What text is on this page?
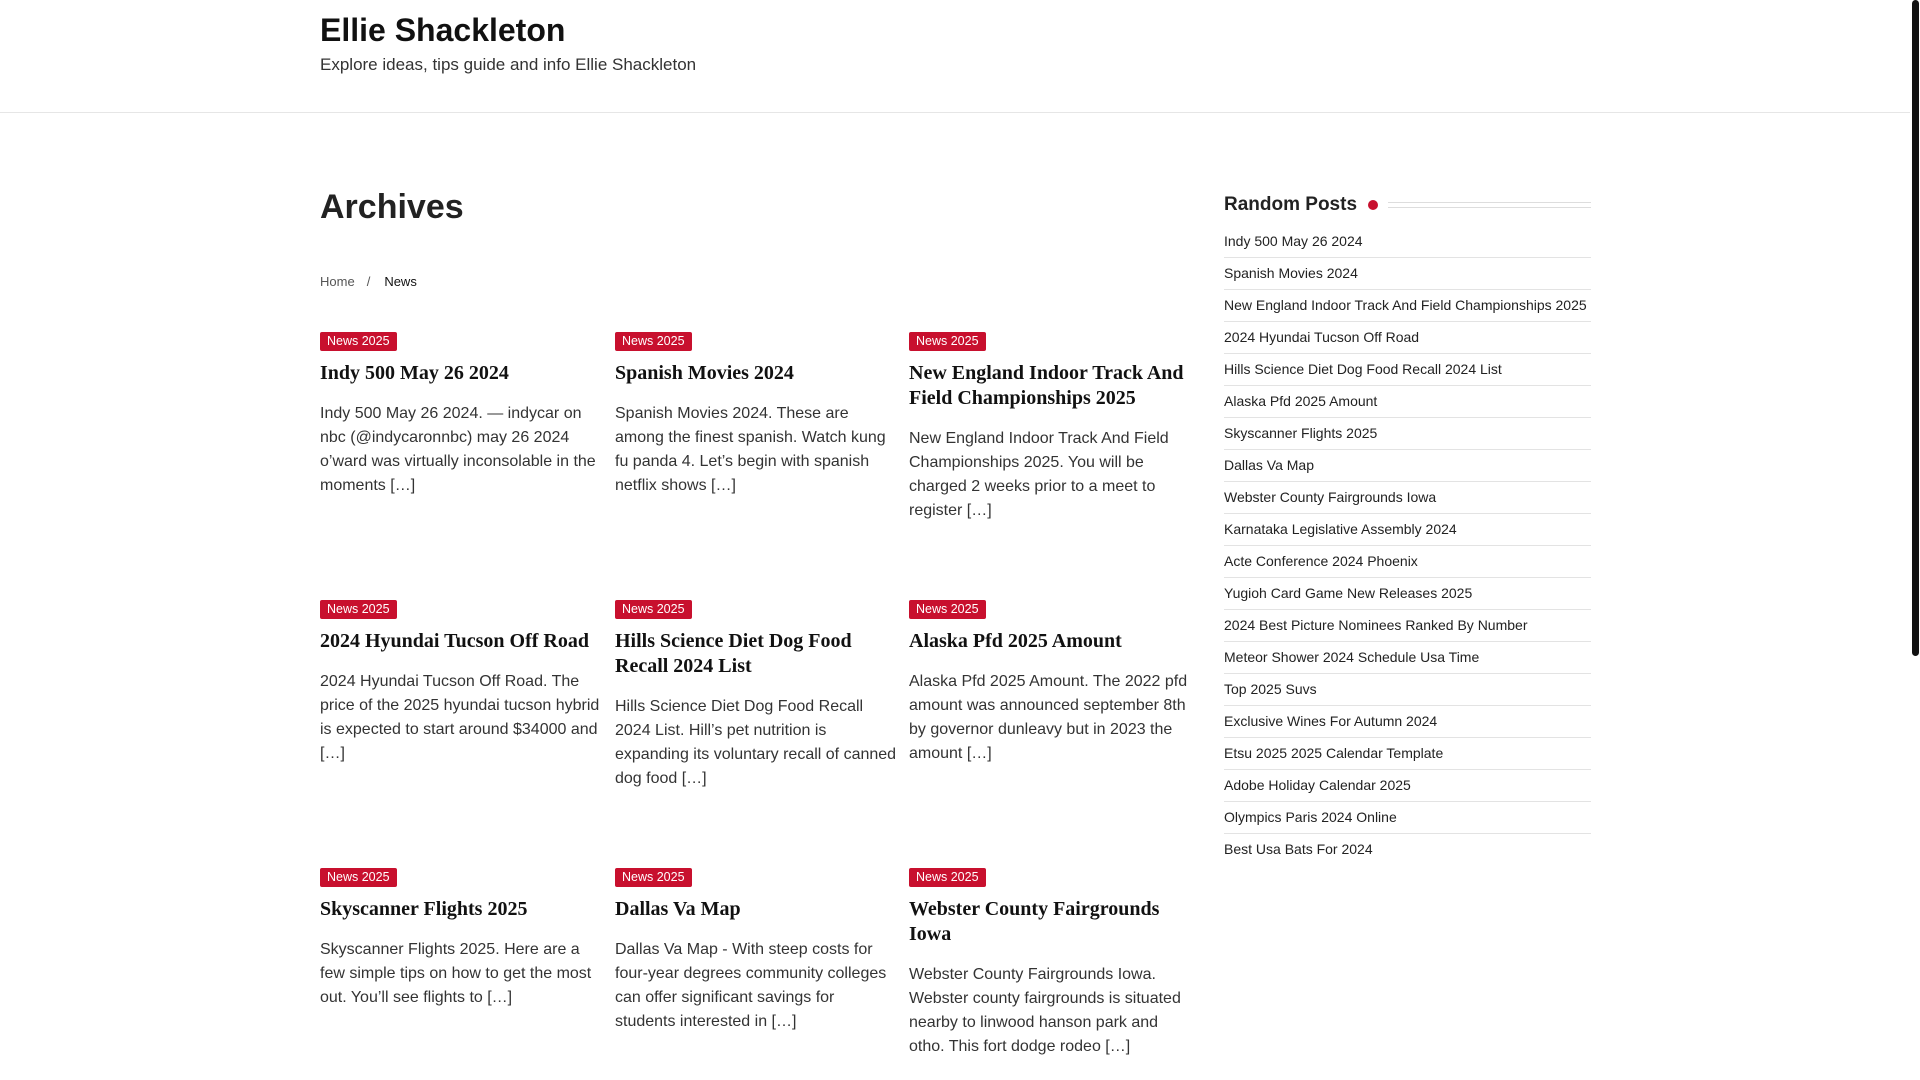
Ellie Shackleton

Explore ideas, tips guide and info Ellie Shackleton

Archives
Home / News
News 2025
Indy 500 May 26 2024

Indy 500 May 26 2024. — indycar on nbc (@indycaronnbc) may 26 2024 o’ward was virtually inconsolable in the moments […]

News 2025
Spanish Movies 2024

Spanish Movies 2024. These are among the finest spanish. Watch kung fu panda 4. Let’s begin with spanish netflix shows […]

News 2025
New England Indoor Track And Field Championships 2025

New England Indoor Track And Field Championships 2025. You will be charged 2 weeks prior to a meet to register […]

News 2025
2024 Hyundai Tucson Off Road

2024 Hyundai Tucson Off Road. The price of the 2025 hyundai tucson hybrid is expected to start around $34000 and […]

News 2025
Hills Science Diet Dog Food Recall 2024 List

Hills Science Diet Dog Food Recall 2024 List. Hill’s pet nutrition is expanding its voluntary recall of canned dog food […]

News 2025
Alaska Pfd 2025 Amount

Alaska Pfd 2025 Amount. The 2022 pfd amount was announced september 8th by governor dunleavy but in 2023 the amount […]

News 2025
Skyscanner Flights 2025

Skyscanner Flights 2025. Here are a few simple tips on how to get the most out. You’ll see flights to […]

News 2025
Dallas Va Map

Dallas Va Map - With steep costs for four-year degrees community colleges can offer significant savings for students interested in […]

News 2025
Webster County Fairgrounds Iowa

Webster County Fairgrounds Iowa. Webster county fairgrounds is situated nearby to linwood hanson park and otho. This fort dodge rodeo […]

Random Posts
Indy 500 May 26 2024
Spanish Movies 2024
New England Indoor Track And Field Championships 2025
2024 Hyundai Tucson Off Road
Hills Science Diet Dog Food Recall 2024 List
Alaska Pfd 2025 Amount
Skyscanner Flights 2025
Dallas Va Map
Webster County Fairgrounds Iowa
Karnataka Legislative Assembly 2024
Acte Conference 2024 Phoenix
Yugioh Card Game New Releases 2025
2024 Best Picture Nominees Ranked By Number
Meteor Shower 2024 Schedule Usa Time
Top 2025 Suvs
Exclusive Wines For Autumn 2024
Etsu 2025 2025 Calendar Template
Adobe Holiday Calendar 2025
Olympics Paris 2024 Online
Best Usa Bats For 2024
